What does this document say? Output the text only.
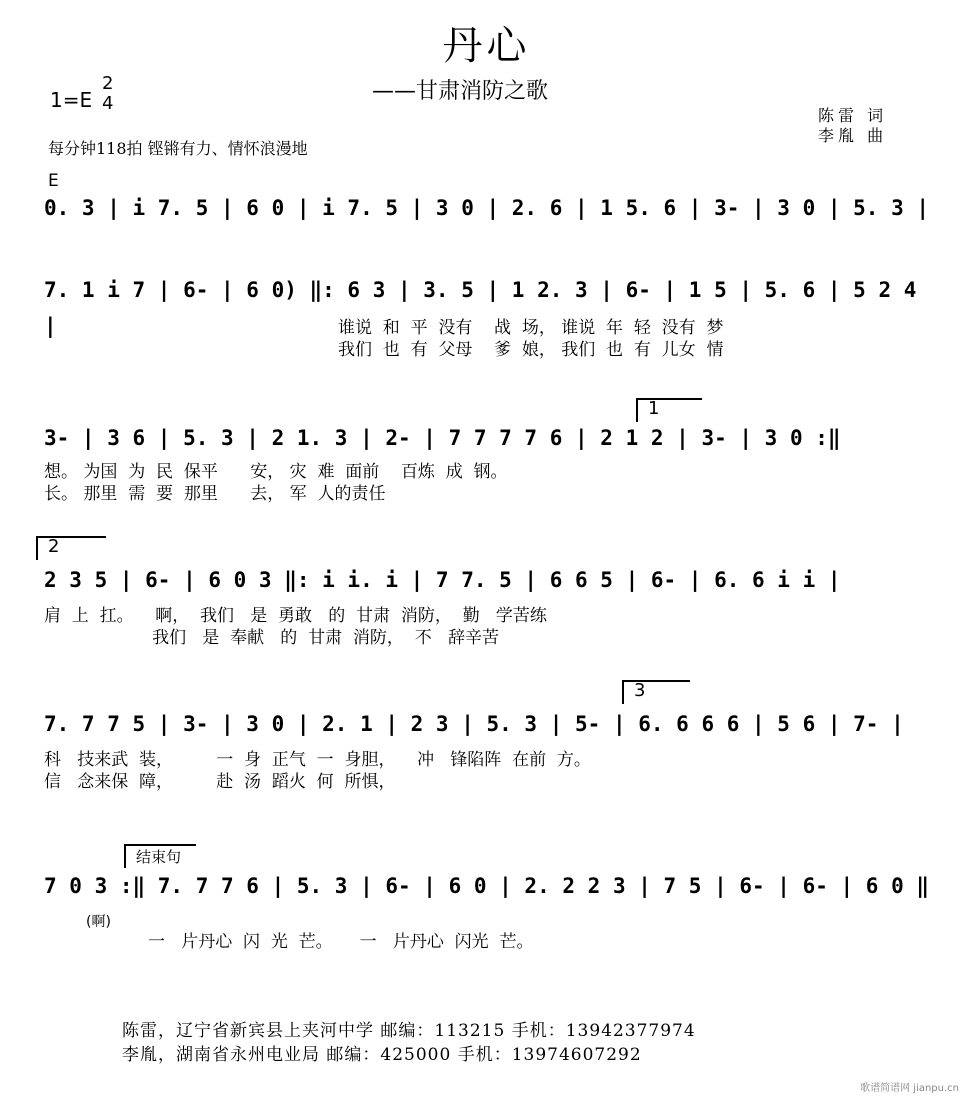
丹心
——甘肃消防之歌
1=E
2
4
每分钟118拍 铿锵有力、情怀浪漫地
陈雷 词
李胤 曲
E
0. 3 | i 7. 5 | 6 0 | i 7. 5 | 3 0 | 2. 6 | 1 5. 6 | 3- | 3 0 | 5. 3 |
7. 1 i 7 | 6- | 6 0) ‖: 6 3 | 3. 5 | 1 2. 3 | 6- | 1 5 | 5. 6 | 5 2 4 |	谁说  和  平  没有    战  场， 谁说  年  轻  没有  梦
我们  也  有  父母    爹  娘， 我们  也  有  儿女  情
1
3- | 3 6 | 5. 3 | 2 1. 3 | 2- | 7 7 7 7 6 | 2 1 2 | 3- | 3 0 :‖
想。 为国  为  民  保平      安， 灾  难  面前    百炼  成  钢。
长。 那里  需  要  那里      去， 军  人的责任
2
2 3 5 | 6- | 6 0 3 ‖: i i. i | 7 7. 5 | 6 6 5 | 6- | 6. 6 i i |
肩  上  扛。    啊，  我们   是  勇敢   的  甘肃  消防，  勤   学苦练
我们   是  奉献   的  甘肃  消防，  不   辞辛苦
3
7. 7 7 5 | 3- | 3 0 | 2. 1 | 2 3 | 5. 3 | 5- | 6. 6 6 6 | 5 6 | 7- |
科   技来武  装，        一  身  正气  一  身胆，    冲   锋陷阵  在前  方。
信   念来保  障，        赴  汤  蹈火  何  所惧，
结束句
7 0 3 :‖ 7. 7 7 6 | 5. 3 | 6- | 6 0 | 2. 2 2 3 | 7 5 | 6- | 6- | 6 0 ‖
(啊)
一   片丹心  闪  光  芒。     一   片丹心  闪光  芒。
陈雷，辽宁省新宾县上夹河中学 邮编：113215 手机：13942377974
李胤，湖南省永州电业局 邮编：425000 手机：13974607292
歌谱简谱网 jianpu.cn
